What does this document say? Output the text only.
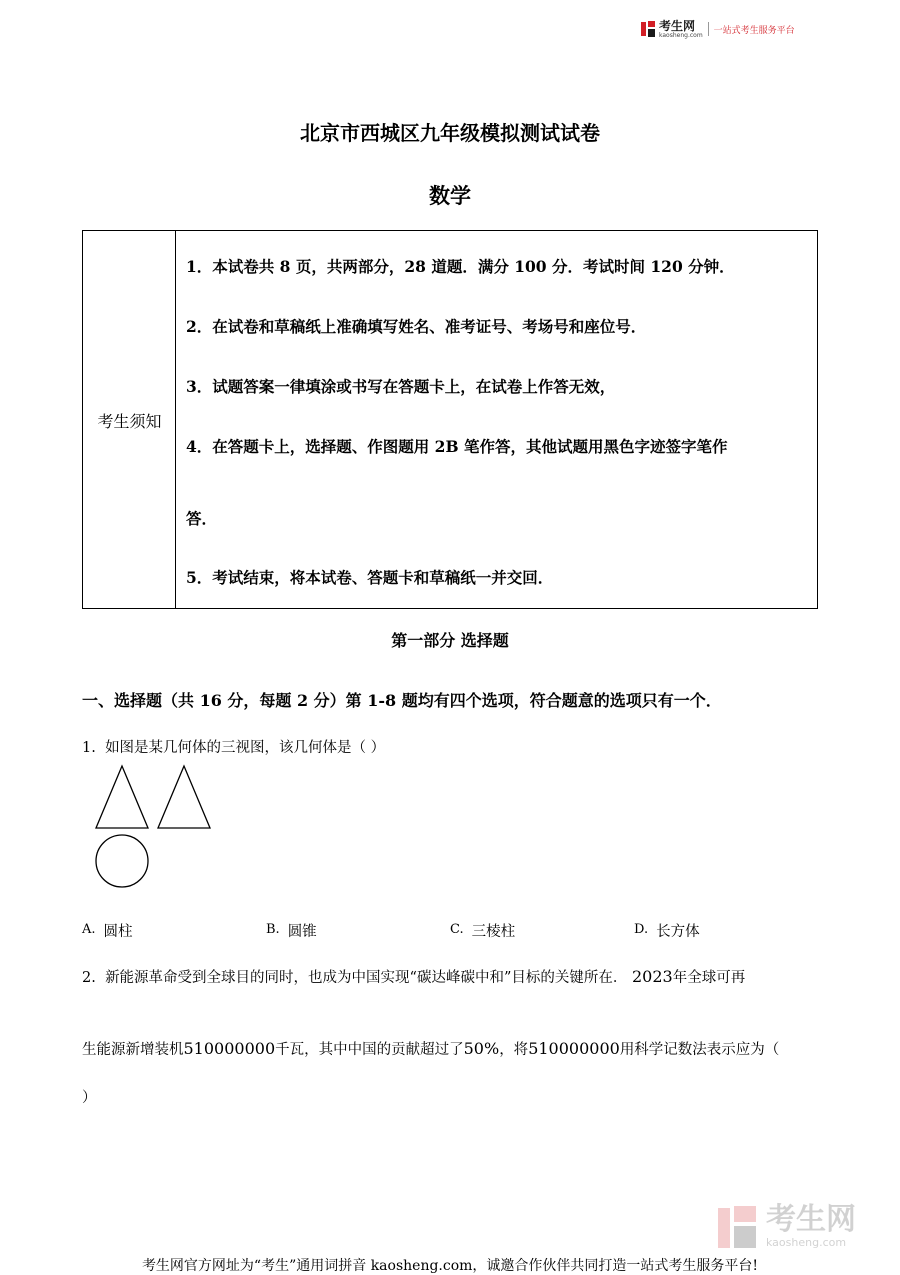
考生网
kaosheng.com 一站式考生服务平台
北京市西城区九年级模拟测试试卷
数学
考生须知
1．本试卷共 8 页，共两部分，28 道题．满分 100 分．考试时间 120 分钟．
2．在试卷和草稿纸上准确填写姓名、准考证号、考场号和座位号．
3．试题答案一律填涂或书写在答题卡上，在试卷上作答无效，
4．在答题卡上，选择题、作图题用 2B 笔作答，其他试题用黑色字迹签字笔作
答．
5．考试结束，将本试卷、答题卡和草稿纸一并交回．
第一部分 选择题
一、选择题（共 16 分，每题 2 分）第 1-8 题均有四个选项，符合题意的选项只有一个．
1. 如图是某几何体的三视图，该几何体是（ ）
A. 圆柱	B. 圆锥	C. 三棱柱	D. 长方体
2. 新能源革命受到全球目的同时，也成为中国实现“碳达峰碳中和”目标的关键所在． 2023年全球可再
生能源新增装机510000000千瓦，其中中国的贡献超过了50%，将510000000用科学记数法表示应为（
）
考生网
kaosheng.com
考生网官方网址为“考生”通用词拼音 kaosheng.com，诚邀合作伙伴共同打造一站式考生服务平台!
